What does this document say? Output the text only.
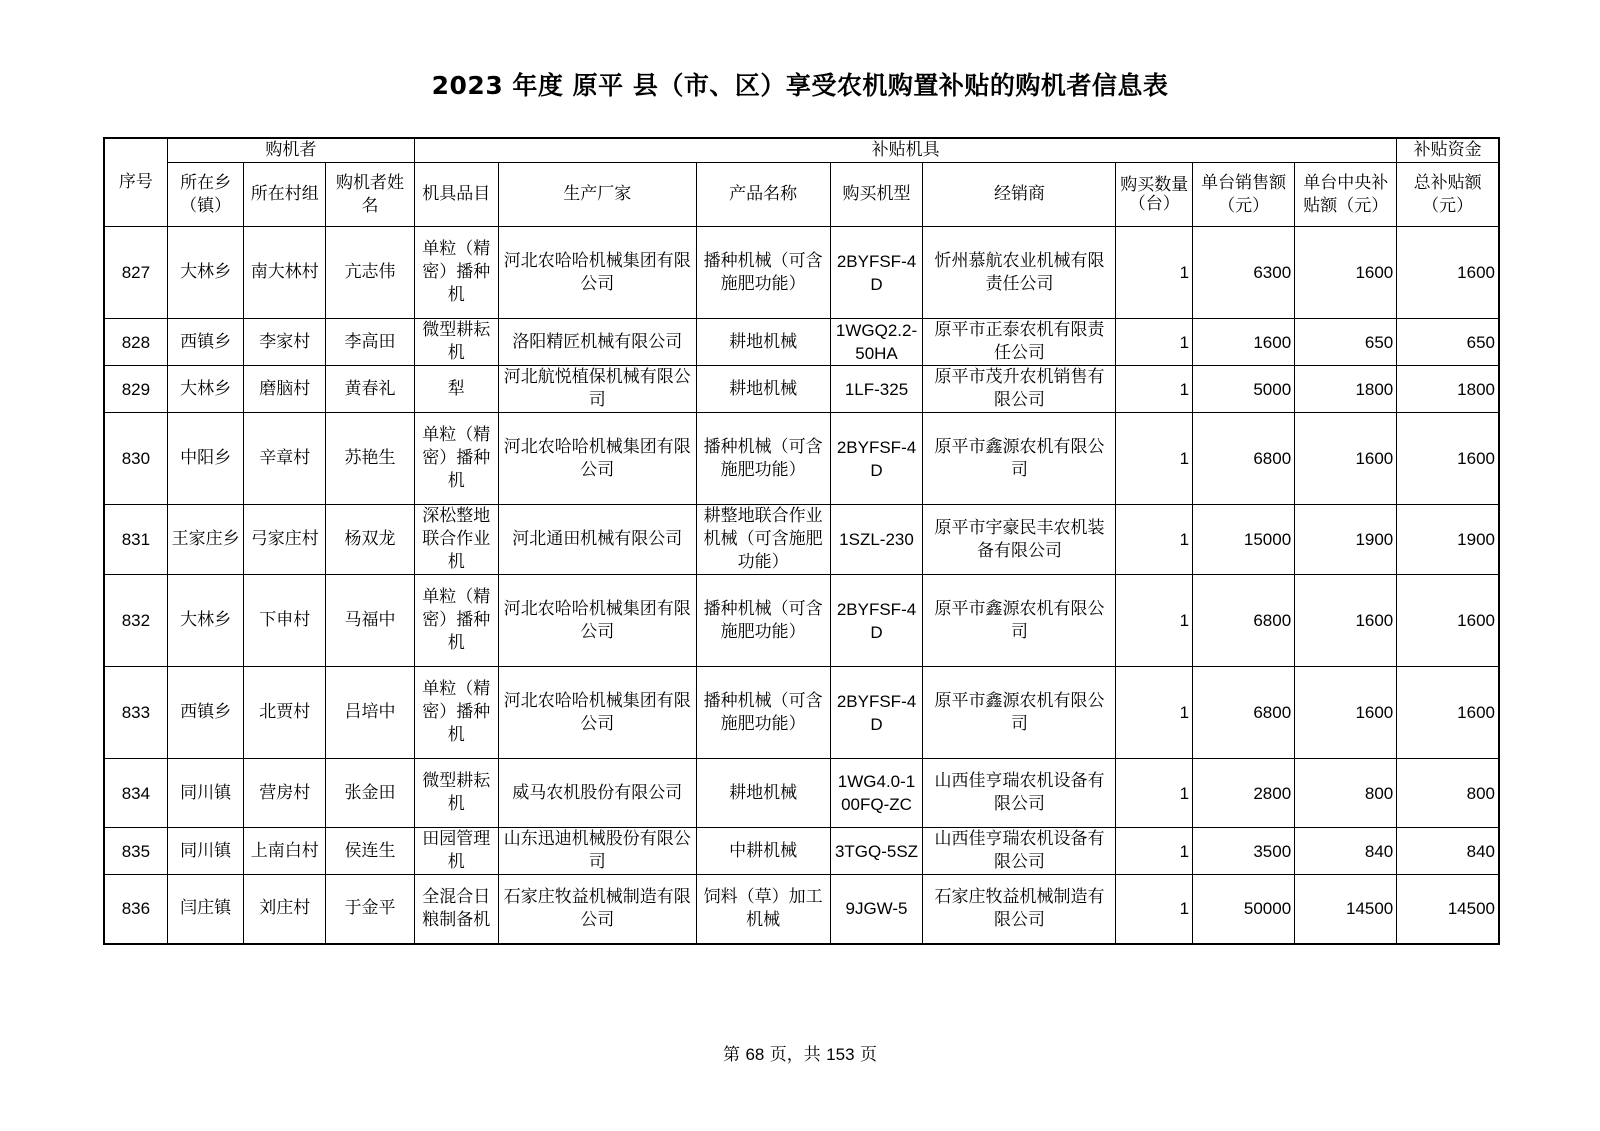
2023 年度 原平 县（市、区）享受农机购置补贴的购机者信息表
序号	购机者			补贴机具								补贴资金
	所在乡（镇）	所在村组	购机者姓名	机具品目	生产厂家	产品名称	购买机型	经销商	购买数量（台）	单台销售额（元）	单台中央补贴额（元）	总补贴额（元）
827	大林乡	南大林村	亢志伟	单粒（精密）播种机	河北农哈哈机械集团有限公司	播种机械（可含施肥功能）	2BYFSF-4D	忻州慕航农业机械有限责任公司	1	6300	1600	1600
828	西镇乡	李家村	李高田	微型耕耘机	洛阳精匠机械有限公司	耕地机械	1WGQ2.2-50HA	原平市正泰农机有限责任公司	1	1600	650	650
829	大林乡	磨脑村	黄春礼	犁	河北航悦植保机械有限公司	耕地机械	1LF-325	原平市茂升农机销售有限公司	1	5000	1800	1800
830	中阳乡	辛章村	苏艳生	单粒（精密）播种机	河北农哈哈机械集团有限公司	播种机械（可含施肥功能）	2BYFSF-4D	原平市鑫源农机有限公司	1	6800	1600	1600
831	王家庄乡	弓家庄村	杨双龙	深松整地联合作业机	河北通田机械有限公司	耕整地联合作业机械（可含施肥功能）	1SZL-230	原平市宇豪民丰农机装备有限公司	1	15000	1900	1900
832	大林乡	下申村	马福中	单粒（精密）播种机	河北农哈哈机械集团有限公司	播种机械（可含施肥功能）	2BYFSF-4D	原平市鑫源农机有限公司	1	6800	1600	1600
833	西镇乡	北贾村	吕培中	单粒（精密）播种机	河北农哈哈机械集团有限公司	播种机械（可含施肥功能）	2BYFSF-4D	原平市鑫源农机有限公司	1	6800	1600	1600
834	同川镇	营房村	张金田	微型耕耘机	威马农机股份有限公司	耕地机械	1WG4.0-100FQ-ZC	山西佳亨瑞农机设备有限公司	1	2800	800	800
835	同川镇	上南白村	侯连生	田园管理机	山东迅迪机械股份有限公司	中耕机械	3TGQ-5SZ	山西佳亨瑞农机设备有限公司	1	3500	840	840
836	闫庄镇	刘庄村	于金平	全混合日粮制备机	石家庄牧益机械制造有限公司	饲料（草）加工机械	9JGW-5	石家庄牧益机械制造有限公司	1	50000	14500	14500
第 68 页，共 153 页
